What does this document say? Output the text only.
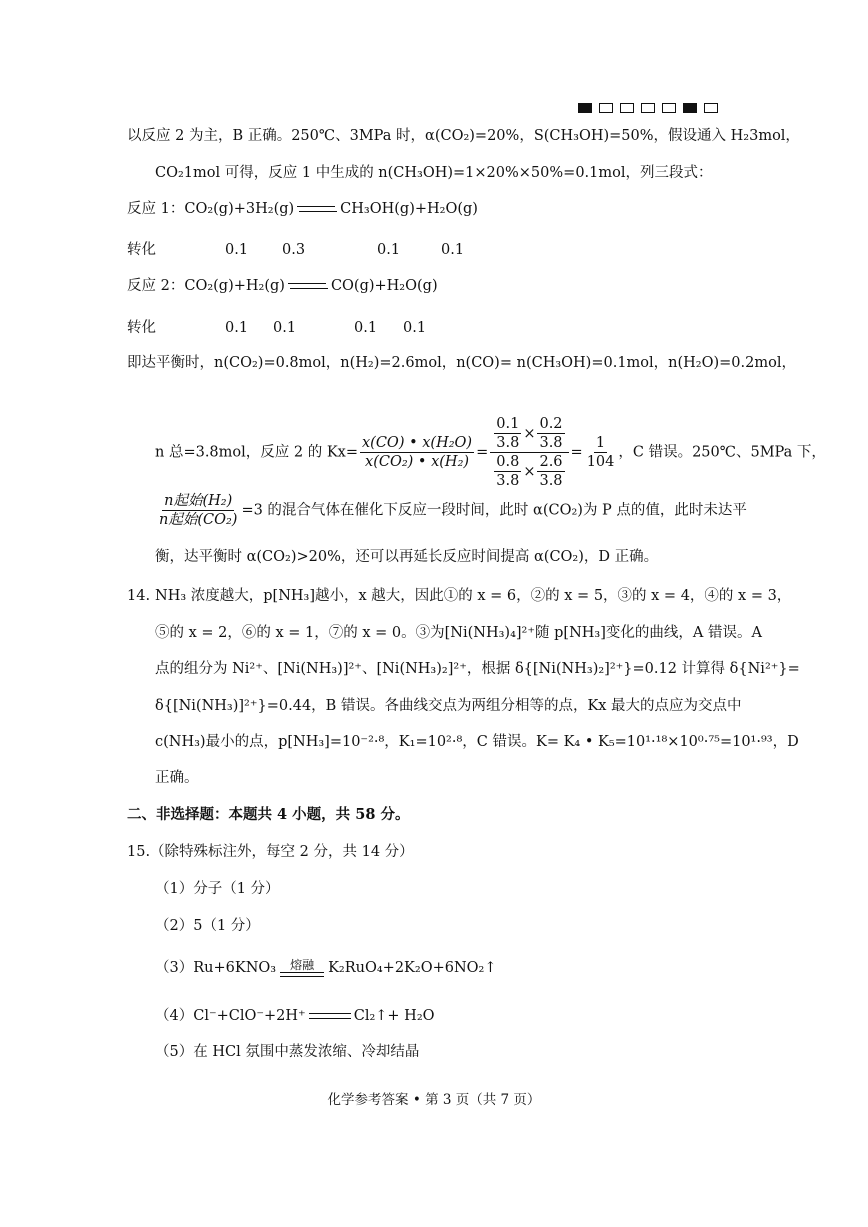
以反应 2 为主，B 正确。250℃、3MPa 时，α(CO₂)=20%，S(CH₃OH)=50%，假设通入 H₂3mol，
CO₂1mol 可得，反应 1 中生成的 n(CH₃OH)=1×20%×50%=0.1mol，列三段式：
反应 1：CO₂(g)+3H₂(g)	CH₃OH(g)+H₂O(g)
转化	0.1 0.3	0.1	0.1
反应 2：CO₂(g)+H₂(g)	CO(g)+H₂O(g)
转化	0.1 0.1	0.1 0.1
即达平衡时，n(CO₂)=0.8mol，n(H₂)=2.6mol，n(CO)= n(CH₃OH)=0.1mol，n(H₂O)=0.2mol，
n 总=3.8mol，反应 2 的 $Kx= \frac{\text{x(CO) • x(H₂O)}}{\text{x(CO₂) • x(H₂)}} = \frac{\frac{0.1}{3.8} \times \frac{0.2}{3.8}}{\frac{0.8}{3.8} \times \frac{2.6}{3.8}} = \frac{1}{104}$ ，C 错误。250℃、5MPa 下，
$\frac{\text{n起始(H₂)}}{\text{n起始(CO₂)}} =3$ 的混合气体在催化下反应一段时间，此时 α(CO₂)为 P 点的值，此时未达平
衡，达平衡时 α(CO₂)>20%，还可以再延长反应时间提高 α(CO₂)，D 正确。
14. NH₃ 浓度越大，p[NH₃]越小，x 越大，因此①的 x = 6，②的 x = 5，③的 x = 4，④的 x = 3，
⑤的 x = 2，⑥的 x = 1，⑦的 x = 0。③为[Ni(NH₃)₄]²⁺随 p[NH₃]变化的曲线，A 错误。A
点的组分为 Ni²⁺、[Ni(NH₃)]²⁺、[Ni(NH₃)₂]²⁺，根据 δ{[Ni(NH₃)₂]²⁺}=0.12 计算得 δ{Ni²⁺}=
δ{[Ni(NH₃)]²⁺}=0.44，B 错误。各曲线交点为两组分相等的点，Kx 最大的点应为交点中
c(NH₃)最小的点，p[NH₃]=10⁻²·⁸，K₁=10²·⁸，C 错误。K= K₄ • K₅=10¹·¹⁸×10⁰·⁷⁵=10¹·⁹³，D
正确。
二、非选择题：本题共 4 小题，共 58 分。
15.（除特殊标注外，每空 2 分，共 14 分）
（1）分子（1 分）
（2）5（1 分）
（3）Ru+6KNO₃ 熔融 K₂RuO₄+2K₂O+6NO₂↑
（4）Cl⁻+ClO⁻+2H⁺	Cl₂↑+ H₂O
（5）在 HCl 氛围中蒸发浓缩、冷却结晶
化学参考答案 • 第 3 页（共 7 页）
